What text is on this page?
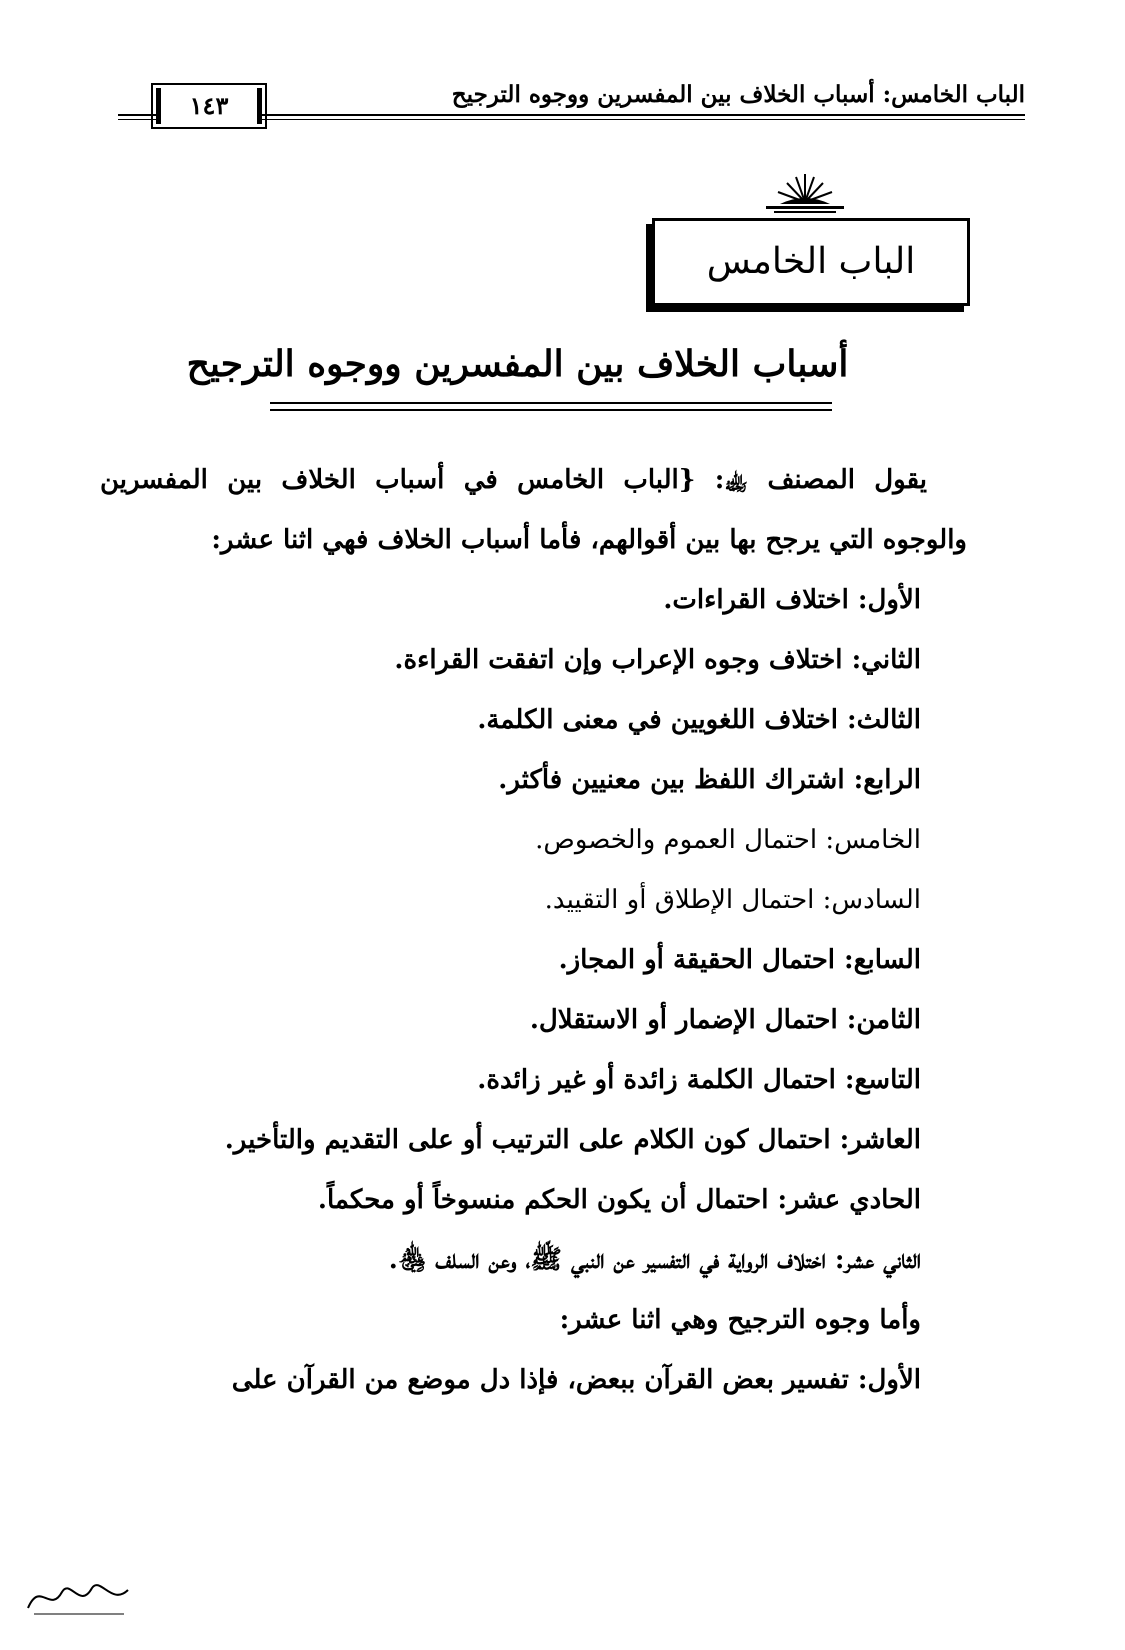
الباب الخامس: أسباب الخلاف بين المفسرين ووجوه الترجيح
١٤٣
الباب الخامس
أسباب الخلاف بين المفسرين ووجوه الترجيح

يقول المصنف ﵀: {الباب الخامس في أسباب الخلاف بين المفسرين والوجوه التي يرجح بها بين أقوالهم، فأما أسباب الخلاف فهي اثنا عشر:

الأول: اختلاف القراءات.
الثاني: اختلاف وجوه الإعراب وإن اتفقت القراءة.
الثالث: اختلاف اللغويين في معنى الكلمة.
الرابع: اشتراك اللفظ بين معنيين فأكثر.
الخامس: احتمال العموم والخصوص.
السادس: احتمال الإطلاق أو التقييد.
السابع: احتمال الحقيقة أو المجاز.
الثامن: احتمال الإضمار أو الاستقلال.
التاسع: احتمال الكلمة زائدة أو غير زائدة.
العاشر: احتمال كون الكلام على الترتيب أو على التقديم والتأخير.
الحادي عشر: احتمال أن يكون الحكم منسوخاً أو محكماً.
الثاني عشر: اختلاف الرواية في التفسير عن النبي ﷺ، وعن السلف ﵃.

وأما وجوه الترجيح وهي اثنا عشر:

الأول: تفسير بعض القرآن ببعض، فإذا دل موضع من القرآن على
